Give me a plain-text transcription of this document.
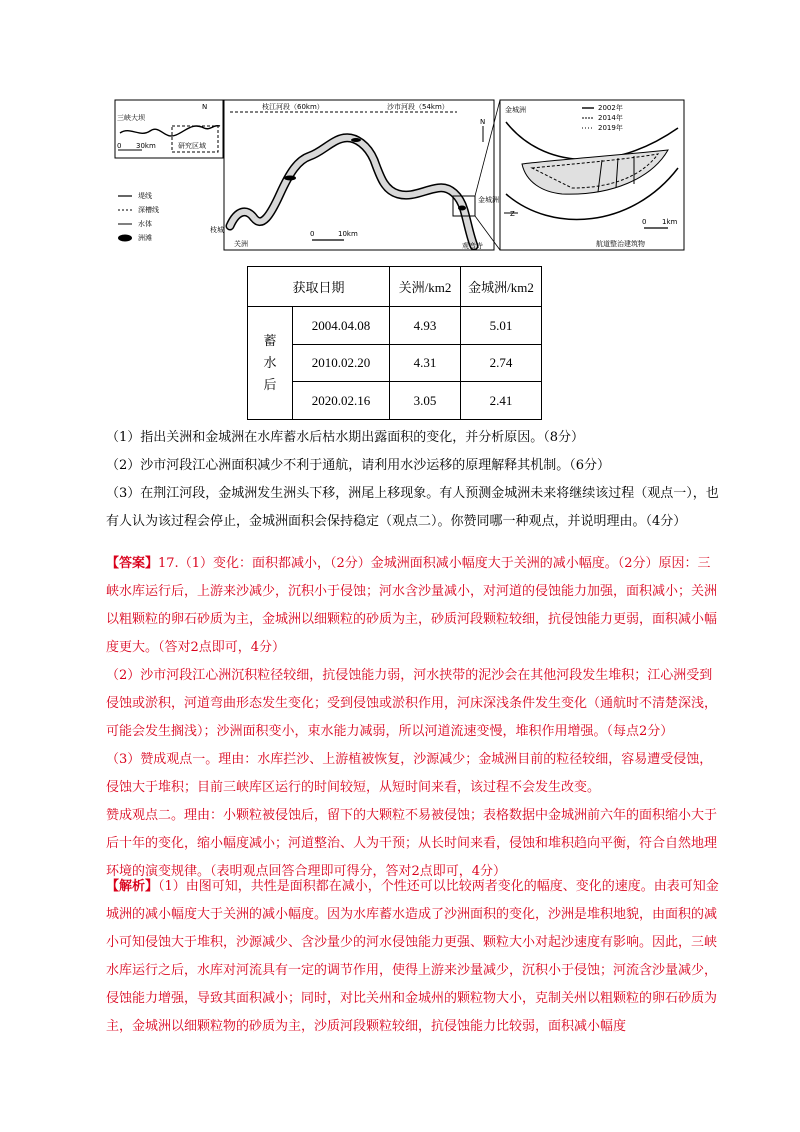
三峡大坝
0 30km	研究区域
N
堤线
深槽线
水体
洲滩
枝江河段（60km）	沙市河段（54km）
枝城
关洲
金城洲
观音寺
0	10km
N
金城洲	2002年
2014年
2019年
Z
0 1km
航道整治建筑物
获取日期		关洲/km2	金城洲/km2

蓄水后	2004.04.08	4.93	5.01
	2010.02.20	4.31	2.74
	2020.02.16	3.05	2.41

（1）指出关洲和金城洲在水库蓄水后枯水期出露面积的变化，并分析原因。（8分）

（2）沙市河段江心洲面积减少不利于通航，请利用水沙运移的原理解释其机制。（6分）

（3）在荆江河段，金城洲发生洲头下移，洲尾上移现象。有人预测金城洲未来将继续该过程（观点一），也有人认为该过程会停止，金城洲面积会保持稳定（观点二）。你赞同哪一种观点，并说明理由。（4分）

【答案】17.（1）变化：面积都减小，（2分）金城洲面积减小幅度大于关洲的减小幅度。（2分）原因：三峡水库运行后，上游来沙减少，沉积小于侵蚀；河水含沙量减小，对河道的侵蚀能力加强，面积减小；关洲以粗颗粒的卵石砂质为主，金城洲以细颗粒的砂质为主，砂质河段颗粒较细，抗侵蚀能力更弱，面积减小幅度更大。（答对2点即可，4分）

（2）沙市河段江心洲沉积粒径较细，抗侵蚀能力弱，河水挟带的泥沙会在其他河段发生堆积；江心洲受到侵蚀或淤积，河道弯曲形态发生变化；受到侵蚀或淤积作用，河床深浅条件发生变化（通航时不清楚深浅，可能会发生搁浅）；沙洲面积变小，束水能力减弱，所以河道流速变慢，堆积作用增强。（每点2分）

（3）赞成观点一。理由：水库拦沙、上游植被恢复，沙源减少；金城洲目前的粒径较细，容易遭受侵蚀，侵蚀大于堆积；目前三峡库区运行的时间较短，从短时间来看，该过程不会发生改变。

赞成观点二。理由：小颗粒被侵蚀后，留下的大颗粒不易被侵蚀；表格数据中金城洲前六年的面积缩小大于后十年的变化，缩小幅度减小；河道整治、人为干预；从长时间来看，侵蚀和堆积趋向平衡，符合自然地理环境的演变规律。（表明观点回答合理即可得分，答对2点即可，4分）

【解析】（1）由图可知，共性是面积都在减小，个性还可以比较两者变化的幅度、变化的速度。由表可知金城洲的减小幅度大于关洲的减小幅度。因为水库蓄水造成了沙洲面积的变化，沙洲是堆积地貌，由面积的减小可知侵蚀大于堆积，沙源减少、含沙量少的河水侵蚀能力更强、颗粒大小对起沙速度有影响。因此，三峡水库运行之后，水库对河流具有一定的调节作用，使得上游来沙量减少，沉积小于侵蚀；河流含沙量减少，侵蚀能力增强，导致其面积减小；同时，对比关州和金城州的颗粒物大小，克制关州以粗颗粒的卵石砂质为主，金城洲以细颗粒物的砂质为主，沙质河段颗粒较细，抗侵蚀能力比较弱，面积减小幅度
